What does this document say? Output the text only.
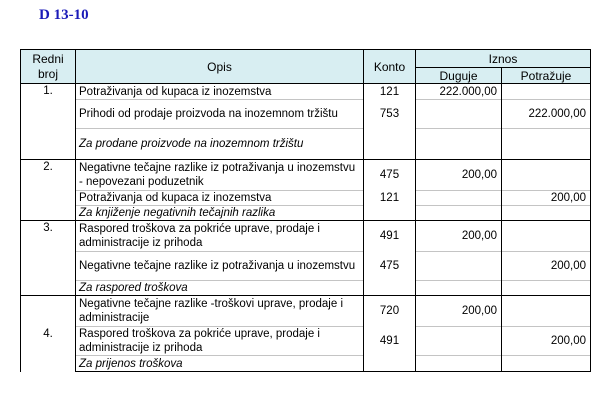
D 13-10
Redni
broj	Opis	Konto	Iznos	
			Duguje	Potražuje
1.	Potraživanja od kupaca iz inozemstva	121	222.000,00	
	Prihodi od prodaje proizvoda na inozemnom tržištu	753		222.000,00
	Za prodane proizvode na inozemnom tržištu			
2.	Negativne tečajne razlike iz potraživanja u inozemstvu - nepovezani poduzetnik	475	200,00	
	Potraživanja od kupaca iz inozemstva	121		200,00
	Za knjiženje negativnih tečajnih razlika			
3.	Raspored troškova za pokriće uprave, prodaje i administracije iz prihoda	491	200,00	
	Negativne tečajne razlike iz potraživanja u inozemstvu	475		200,00
	Za raspored troškova			
4.	Negativne tečajne razlike -troškovi uprave, prodaje i administracije	720	200,00	
	Raspored troškova za pokriće uprave, prodaje i administracije iz prihoda	491		200,00
	Za prijenos troškova			
